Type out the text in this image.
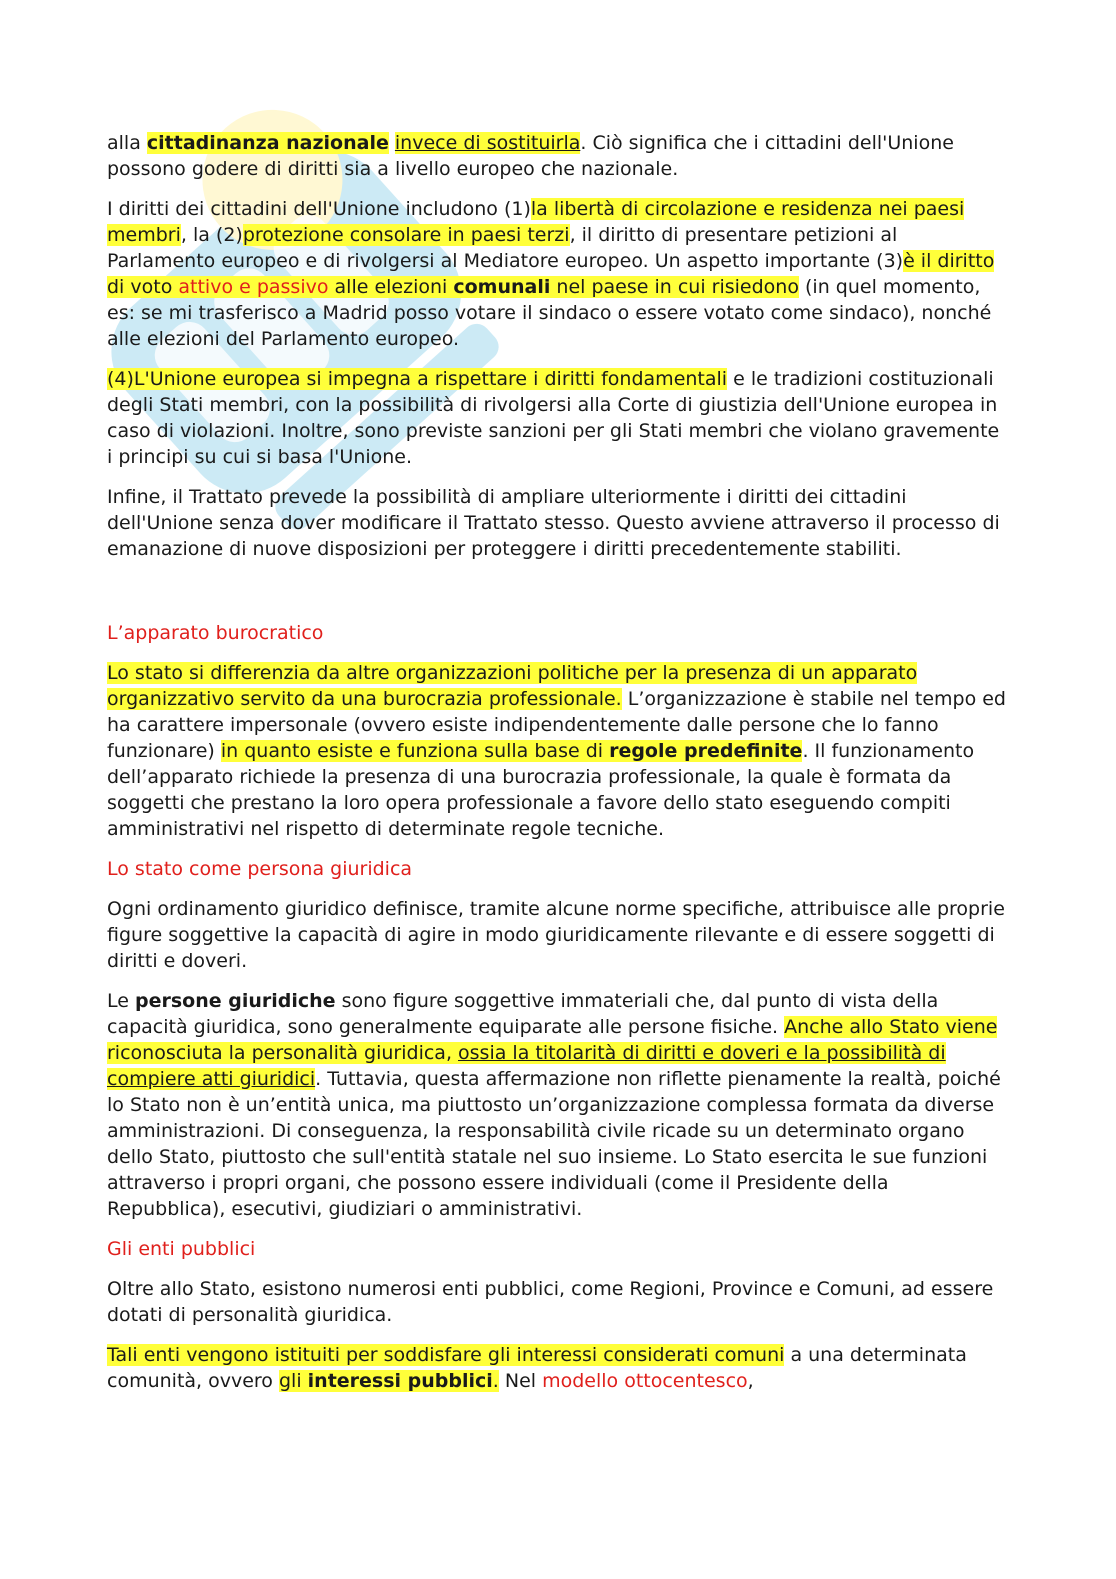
alla cittadinanza nazionale invece di sostituirla. Ciò significa che i cittadini dell'Unione possono godere di diritti sia a livello europeo che nazionale.

I diritti dei cittadini dell'Unione includono (1)la libertà di circolazione e residenza nei paesi membri, la (2)protezione consolare in paesi terzi, il diritto di presentare petizioni al Parlamento europeo e di rivolgersi al Mediatore europeo. Un aspetto importante (3)è il diritto di voto attivo e passivo alle elezioni comunali nel paese in cui risiedono (in quel momento, es: se mi trasferisco a Madrid posso votare il sindaco o essere votato come sindaco), nonché alle elezioni del Parlamento europeo.

(4)L'Unione europea si impegna a rispettare i diritti fondamentali e le tradizioni costituzionali degli Stati membri, con la possibilità di rivolgersi alla Corte di giustizia dell'Unione europea in caso di violazioni. Inoltre, sono previste sanzioni per gli Stati membri che violano gravemente i principi su cui si basa l'Unione.

Infine, il Trattato prevede la possibilità di ampliare ulteriormente i diritti dei cittadini dell'Unione senza dover modificare il Trattato stesso. Questo avviene attraverso il processo di emanazione di nuove disposizioni per proteggere i diritti precedentemente stabiliti.

L’apparato burocratico

Lo stato si differenzia da altre organizzazioni politiche per la presenza di un apparato organizzativo servito da una burocrazia professionale. L’organizzazione è stabile nel tempo ed ha carattere impersonale (ovvero esiste indipendentemente dalle persone che lo fanno funzionare) in quanto esiste e funziona sulla base di regole predefinite. Il funzionamento dell’apparato richiede la presenza di una burocrazia professionale, la quale è formata da soggetti che prestano la loro opera professionale a favore dello stato eseguendo compiti amministrativi nel rispetto di determinate regole tecniche.

Lo stato come persona giuridica

Ogni ordinamento giuridico definisce, tramite alcune norme specifiche, attribuisce alle proprie figure soggettive la capacità di agire in modo giuridicamente rilevante e di essere soggetti di diritti e doveri.

Le persone giuridiche sono figure soggettive immateriali che, dal punto di vista della capacità giuridica, sono generalmente equiparate alle persone fisiche. Anche allo Stato viene riconosciuta la personalità giuridica, ossia la titolarità di diritti e doveri e la possibilità di compiere atti giuridici. Tuttavia, questa affermazione non riflette pienamente la realtà, poiché lo Stato non è un’entità unica, ma piuttosto un’organizzazione complessa formata da diverse amministrazioni. Di conseguenza, la responsabilità civile ricade su un determinato organo dello Stato, piuttosto che sull'entità statale nel suo insieme. Lo Stato esercita le sue funzioni attraverso i propri organi, che possono essere individuali (come il Presidente della Repubblica), esecutivi, giudiziari o amministrativi.

Gli enti pubblici

Oltre allo Stato, esistono numerosi enti pubblici, come Regioni, Province e Comuni, ad essere dotati di personalità giuridica.

Tali enti vengono istituiti per soddisfare gli interessi considerati comuni a una determinata comunità, ovvero gli interessi pubblici. Nel modello ottocentesco,
